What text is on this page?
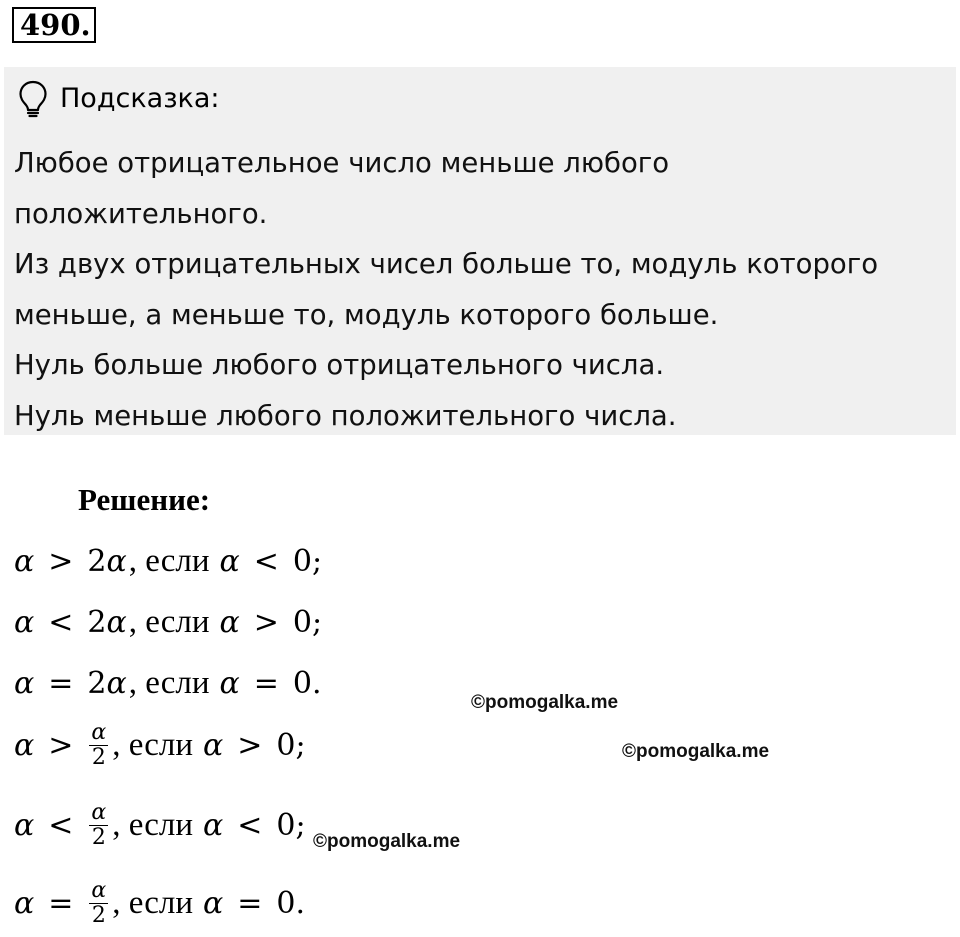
490.
Подсказка:
Любое отрицательное число меньше любого
положительного.
Из двух отрицательных чисел больше то, модуль которого
меньше, а меньше то, модуль которого больше.
Нуль больше любого отрицательного числа.
Нуль меньше любого положительного числа.
Решение:
α > 2 α , если α < 0 ;
α < 2 α , если α > 0 ;
α = 2 α , если α = 0 .
$\alpha > \frac{\alpha}{2}$ , если α > 0 ;
$\alpha < \frac{\alpha}{2}$ , если α < 0 ;
$\alpha = \frac{\alpha}{2}$ , если α = 0 .
©pomogalka.me
©pomogalka.me
©pomogalka.me
